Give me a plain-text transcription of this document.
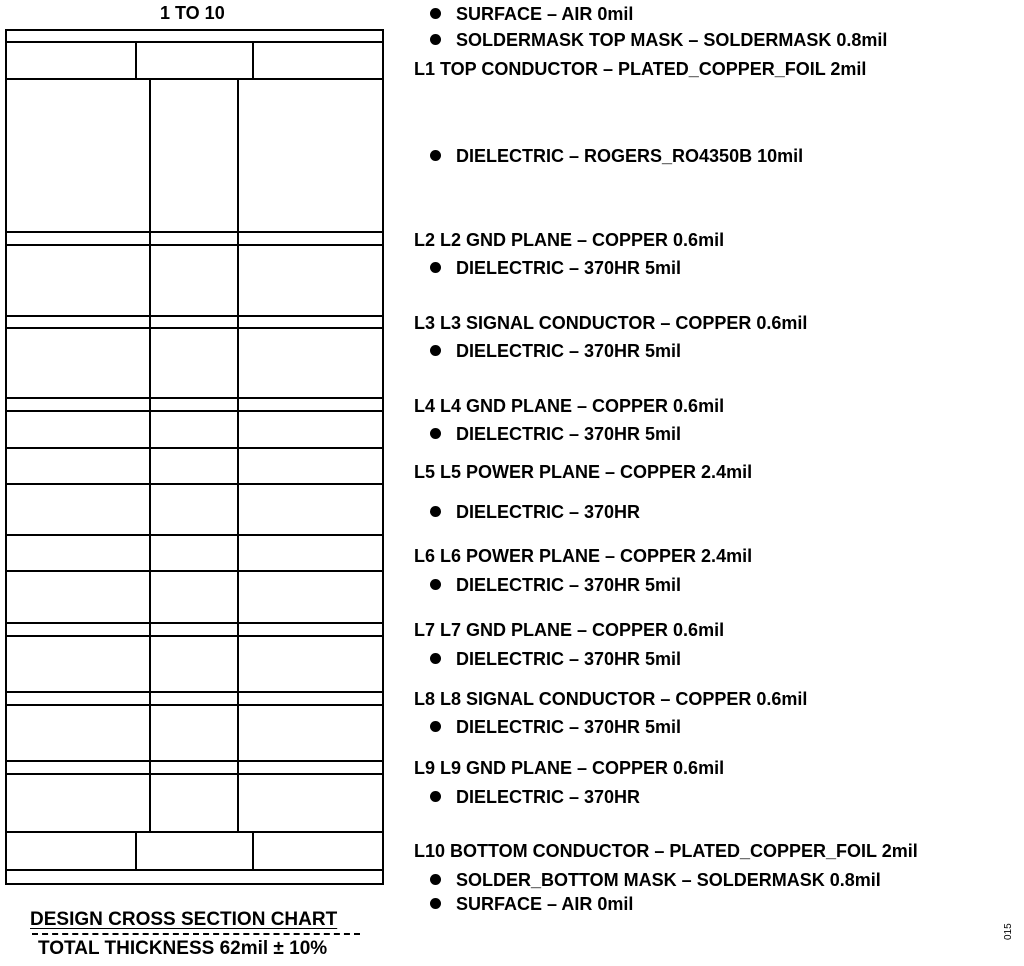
1 TO 10	SURFACE – AIR 0mil
SOLDERMASK TOP MASK – SOLDERMASK 0.8mil
L1 TOP CONDUCTOR – PLATED_COPPER_FOIL 2mil
DIELECTRIC – ROGERS_RO4350B 10mil
L2 L2 GND PLANE – COPPER 0.6mil
DIELECTRIC – 370HR 5mil
L3 L3 SIGNAL CONDUCTOR – COPPER 0.6mil
DIELECTRIC – 370HR 5mil
L4 L4 GND PLANE – COPPER 0.6mil
DIELECTRIC – 370HR 5mil
L5 L5 POWER PLANE – COPPER 2.4mil
DIELECTRIC – 370HR
L6 L6 POWER PLANE – COPPER 2.4mil
DIELECTRIC – 370HR 5mil
L7 L7 GND PLANE – COPPER 0.6mil
DIELECTRIC – 370HR 5mil
L8 L8 SIGNAL CONDUCTOR – COPPER 0.6mil
DIELECTRIC – 370HR 5mil
L9 L9 GND PLANE – COPPER 0.6mil
DIELECTRIC – 370HR
L10 BOTTOM CONDUCTOR – PLATED_COPPER_FOIL 2mil
SOLDER_BOTTOM MASK – SOLDERMASK 0.8mil
SURFACE – AIR 0mil
DESIGN CROSS SECTION CHART
TOTAL THICKNESS 62mil ± 10%
015
